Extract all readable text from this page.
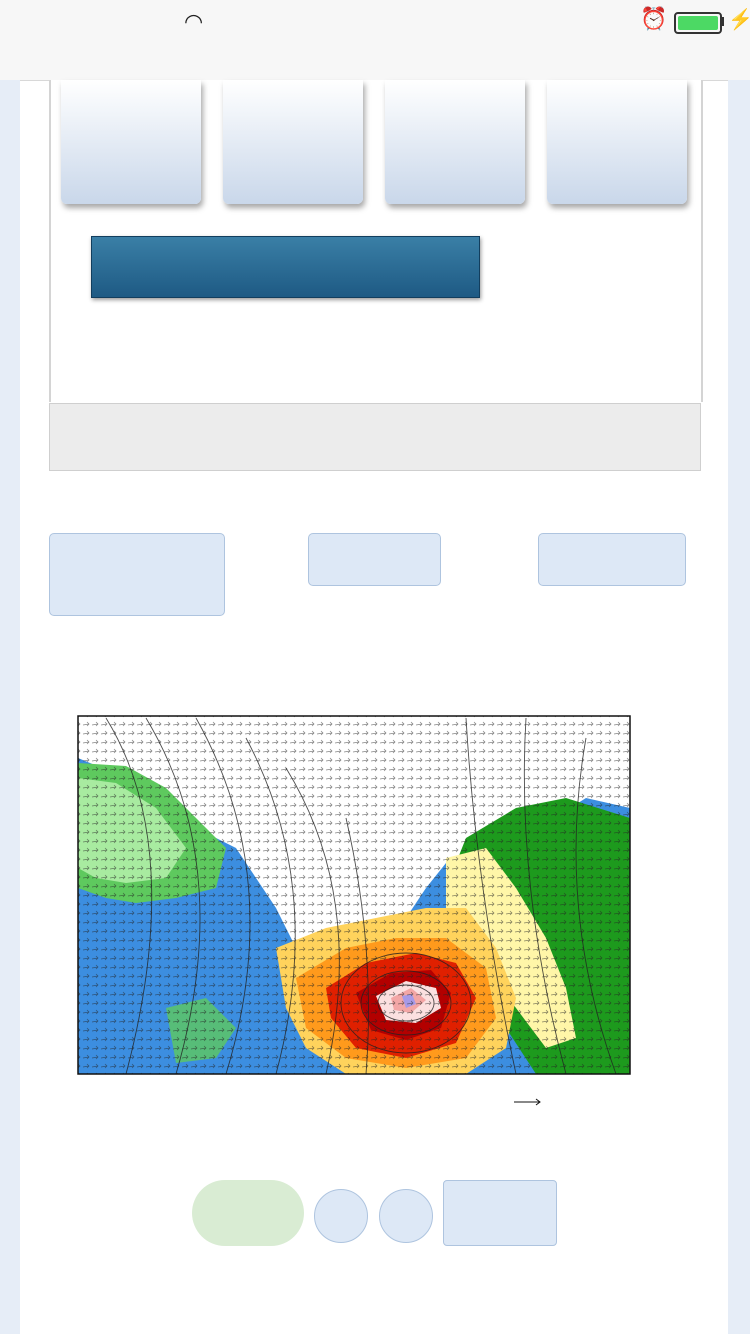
◠	⏰	⚡
